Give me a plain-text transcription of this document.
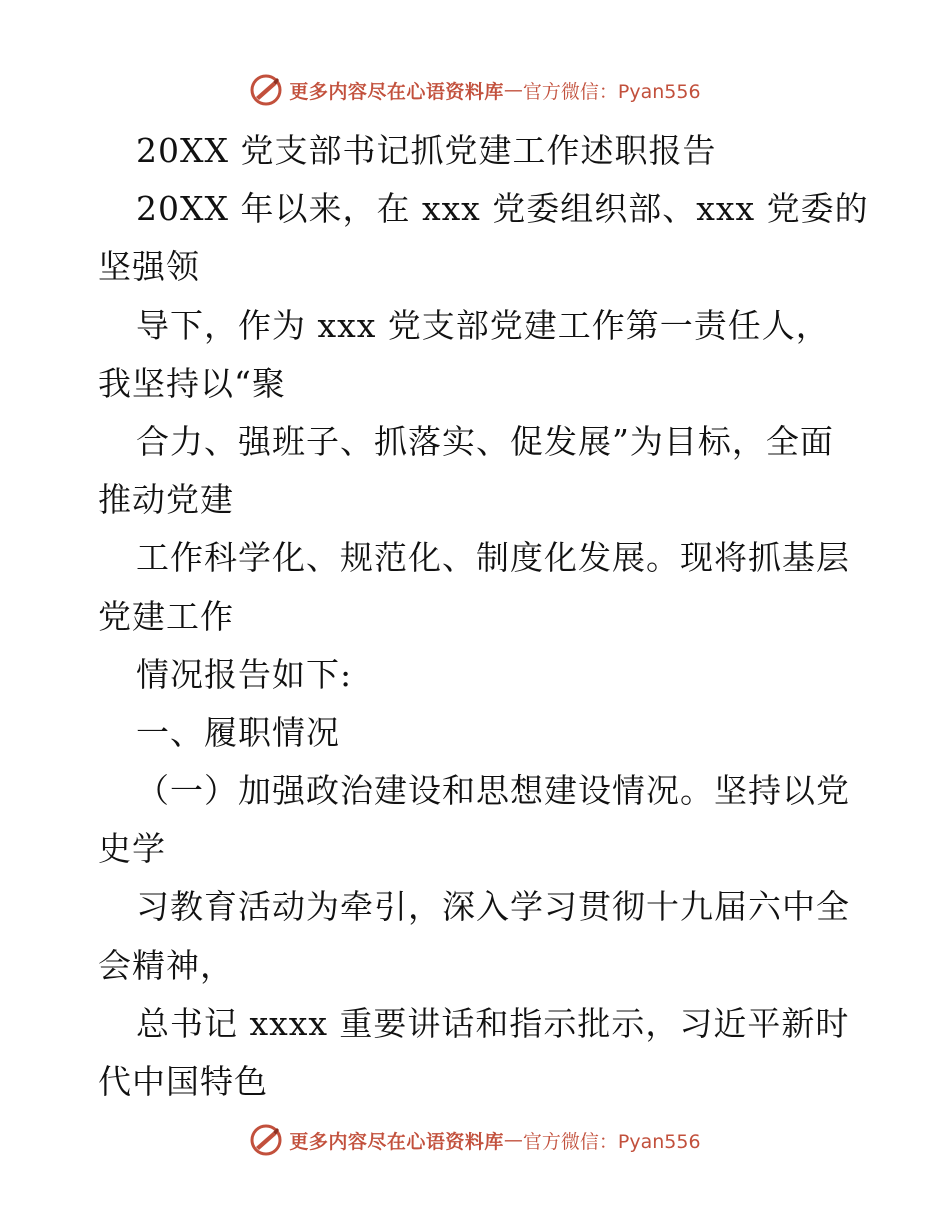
更多内容尽在心语资料库 — 官方微信：Pyan556
20XX 党支部书记抓党建工作述职报告
20XX 年以来，在 xxx 党委组织部、xxx 党委的
坚强领
导下，作为 xxx 党支部党建工作第一责任人，
我坚持以“聚
合力、强班子、抓落实、促发展”为目标，全面
推动党建
工作科学化、规范化、制度化发展。现将抓基层
党建工作
情况报告如下:
一、履职情况
（一）加强政治建设和思想建设情况。坚持以党
史学
习教育活动为牵引，深入学习贯彻十九届六中全
会精神，
总书记 xxxx 重要讲话和指示批示，习近平新时
代中国特色
更多内容尽在心语资料库 — 官方微信：Pyan556
